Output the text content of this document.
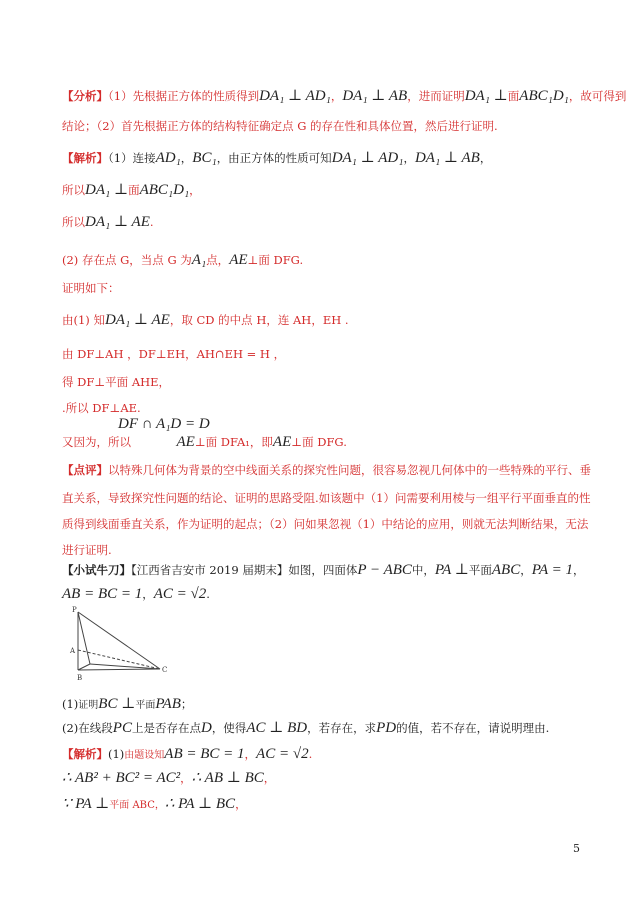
【分析】（1）先根据正方体的性质得到DA₁ ⊥ AD₁，DA₁ ⊥ AB，进而证明DA₁ ⊥面ABC₁D₁，故可得到
结论；（2）首先根据正方体的结构特征确定点 G 的存在性和具体位置，然后进行证明.
【解析】（1）连接AD₁，BC₁，由正方体的性质可知DA₁ ⊥ AD₁，DA₁ ⊥ AB，
所以DA₁ ⊥面ABC₁D₁，
所以DA₁ ⊥ AE.
(2) 存在点 G，当点 G 为A₁点，AE⊥面 DFG.
证明如下：
由(1) 知DA₁ ⊥ AE，取 CD 的中点 H，连 AH，EH .
由 DF⊥AH ，DF⊥EH，AH∩EH = H ，
得 DF⊥平面 AHE，
.所以 DF⊥AE.
DF ∩ A₁D = D
又因为，所以	AE⊥面 DFA₁，即AE⊥面 DFG.
【点评】以特殊几何体为背景的空中线面关系的探究性问题，很容易忽视几何体中的一些特殊的平行、垂
直关系，导致探究性问题的结论、证明的思路受阻.如该题中（1）问需要利用棱与一组平行平面垂直的性
质得到线面垂直关系，作为证明的起点；（2）问如果忽视（1）中结论的应用，则就无法判断结果，无法
进行证明.
【小试牛刀】【江西省吉安市 2019 届期末】如图，四面体P − ABC中，PA ⊥平面ABC，PA = 1，
AB = BC = 1，AC = √2.
P
A
B
C
(1)证明BC ⊥平面PAB；
(2)在线段PC上是否存在点D，使得AC ⊥ BD，若存在，求PD的值，若不存在，请说明理由.
【解析】(1)由题设知AB = BC = 1，AC = √2.
∴ AB² + BC² = AC²，∴ AB ⊥ BC，
∵ PA ⊥平面 ABC，∴ PA ⊥ BC，
5
